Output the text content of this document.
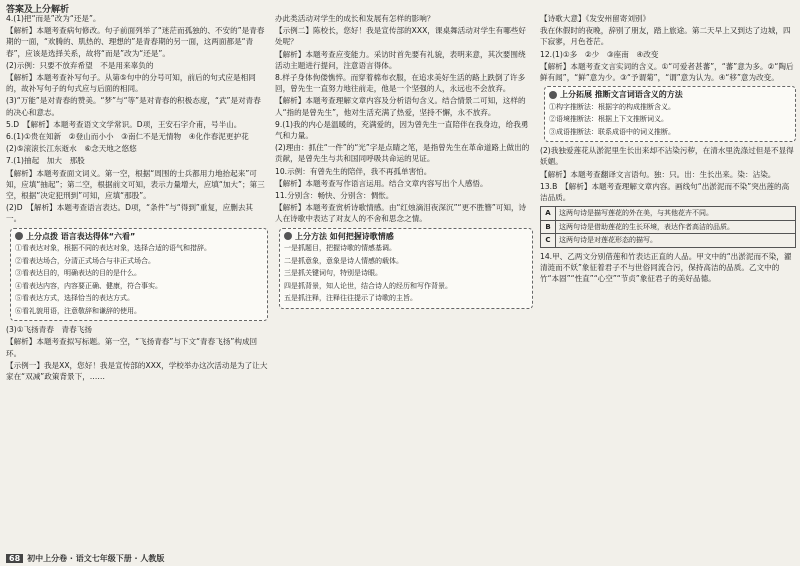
答案及上分解析

4.(1)把“而是”改为“还是”。

【解析】本题考查病句修改。句子前面列举了“迷茫而孤独的、不安的”是青春期的一面，“欢腾的、肌热的、理想的”是青春期的另一面，这两面都是“青春”，应该是选择关系，故将“而是”改为“还是”。

(2)示例：只要不放弃希望　不是用来辜负的

【解析】本题考查补写句子。从第⑤句中的分号可知，前后的句式应是相同的，故补写句子的句式应与后面的相同。

(3)“万能”是对青春的赞美。“梦”与“等”是对青春的积极态度，“武”是对青春的决心和意志。

5.D　【解析】本题考查语文文学常识。D项，王安石字介甫，号半山。

6.(1)①贵在知新　②登山而小小　③南仁不是无情物　④化作春泥更护花

(2)⑤滚滚长江东逝水　⑥念天地之悠悠

7.(1)抽起　加大　那股

【解析】本题考查面文词义。第一空，根据“周围的士兵都用力地抬起来”可知，应填“抽起”；第二空，根据前文可知，表示力量增大，应填“加大”；第三空，根据“决定犯刑到”可知，应填“那股”。

(2)D　【解析】本题考查语言表达。D项，“条件”与“得到”重复，应删去其一。

上分点拨 语言表达得体“六看”

①看表达对象，根据不同的表达对象，选择合适的语气和措辞。

②看表达场合，分清正式场合与非正式场合。

③看表达目的，明确表达的目的是什么。

④看表达内容，内容要正确、健康，符合事实。

⑤看表达方式，选择恰当的表达方式。

⑥看礼貌用语，注意敬辞和谦辞的使用。

(3)①飞扬青春　青春飞扬

【解析】本题考查拟写标题。第一空，“飞扬青春”与下文“青春飞扬”构成回环。

【示例一】我是XX，您好！我是宣传部的XXX，学校举办这次活动是为了让大家在“双减”政策背景下，……

办此类活动对学生的成长和发展有怎样的影响？

【示例二】陈校长，您好！我是宣传部的XXX，课桌舞活动对学生有哪些好处呢？

【解析】本题考查应变能力。采访时首先要有礼貌，表明来意，其次要围绕活动主题进行提问，注意语言得体。

8.样子身体佝偻憔悴。而穿着棉布衣服，在追求美好生活的路上跌倒了许多回，曾先生一直努力地往前走，他是一个坚强的人，永远也不会放弃。

【解析】本题考查理解文章内容及分析语句含义。结合情景二可知，这样的人“指的是曾先生”，他对生活充满了热爱，坚持不懈，永不放弃。

9.(1)我的内心是温暖的，充满爱的，因为曾先生一直陪伴在我身边，给我勇气和力量。

(2)理由：抓住“一件”的“光”字是点睛之笔，是指曾先生在革命道路上做出的贡献，是曾先生与共和国同呼吸共命运的见证。

10.示例：有曾先生的陪伴，我不再孤单害怕。

【解析】本题考查写作语言运用。结合文章内容写出个人感悟。

11.分别含：畅快、分别含：惆怅。

【解析】本题考查赏析诗歌情感。由“红烛滴泪夜深沉”“更不胜簪”可知，诗人在诗歌中表达了对友人的不舍和思念之情。

上分方法 如何把握诗歌情感

一是抓题目，把握诗歌的情感基调。

二是抓意象，意象是诗人情感的载体。

三是抓关键词句，特别是诗眼。

四是抓背景，知人论世，结合诗人的经历和写作背景。

五是抓注释，注释往往提示了诗歌的主旨。

【诗歌大意】《发安州留寄刘别》

我在休假时的夜晚，辞别了朋友，踏上旅途。第二天早上又到达了边城，四下寂寥，月色苍茫。

12.(1)①多　②少　③座南　④改变

【解析】本题考查文言实词的含义。①“可爱者甚蕃”，“蕃”意为多。②“陶后鲜有闻”，“鲜”意为少。③“予谓菊”，“谓”意为认为。④“移”意为改变。

上分拓展 推断文言词语含义的方法

①构字推断法：根据字的构成推断含义。

②语境推断法：根据上下文推断词义。

③成语推断法：联系成语中的词义推断。

(2)我独爱莲花从淤泥里生长出来却不沾染污秽，在清水里洗涤过但是不显得妖媚。

【解析】本题考查翻译文言语句。独：只。出：生长出来。染：沾染。

13.B　【解析】本题考查理解文章内容。画线句“出淤泥而不染”突出莲的高洁品质。

A	这两句诗是描写莲花的外在美，与其他花卉不同。
B	这两句诗是借助莲花的生长环境，表达作者高洁的品质。
C	这两句诗是对莲花形态的描写。

14.甲、乙两文分别借莲和竹表达正直的人品。甲文中的“出淤泥而不染，濯清涟而不妖”象征着君子不与世俗同流合污，保持高洁的品质。乙文中的竹“本固”“性直”“心空”“节贞”象征君子的美好品德。

68 初中上分卷 · 语文七年级下册 · 人教版
